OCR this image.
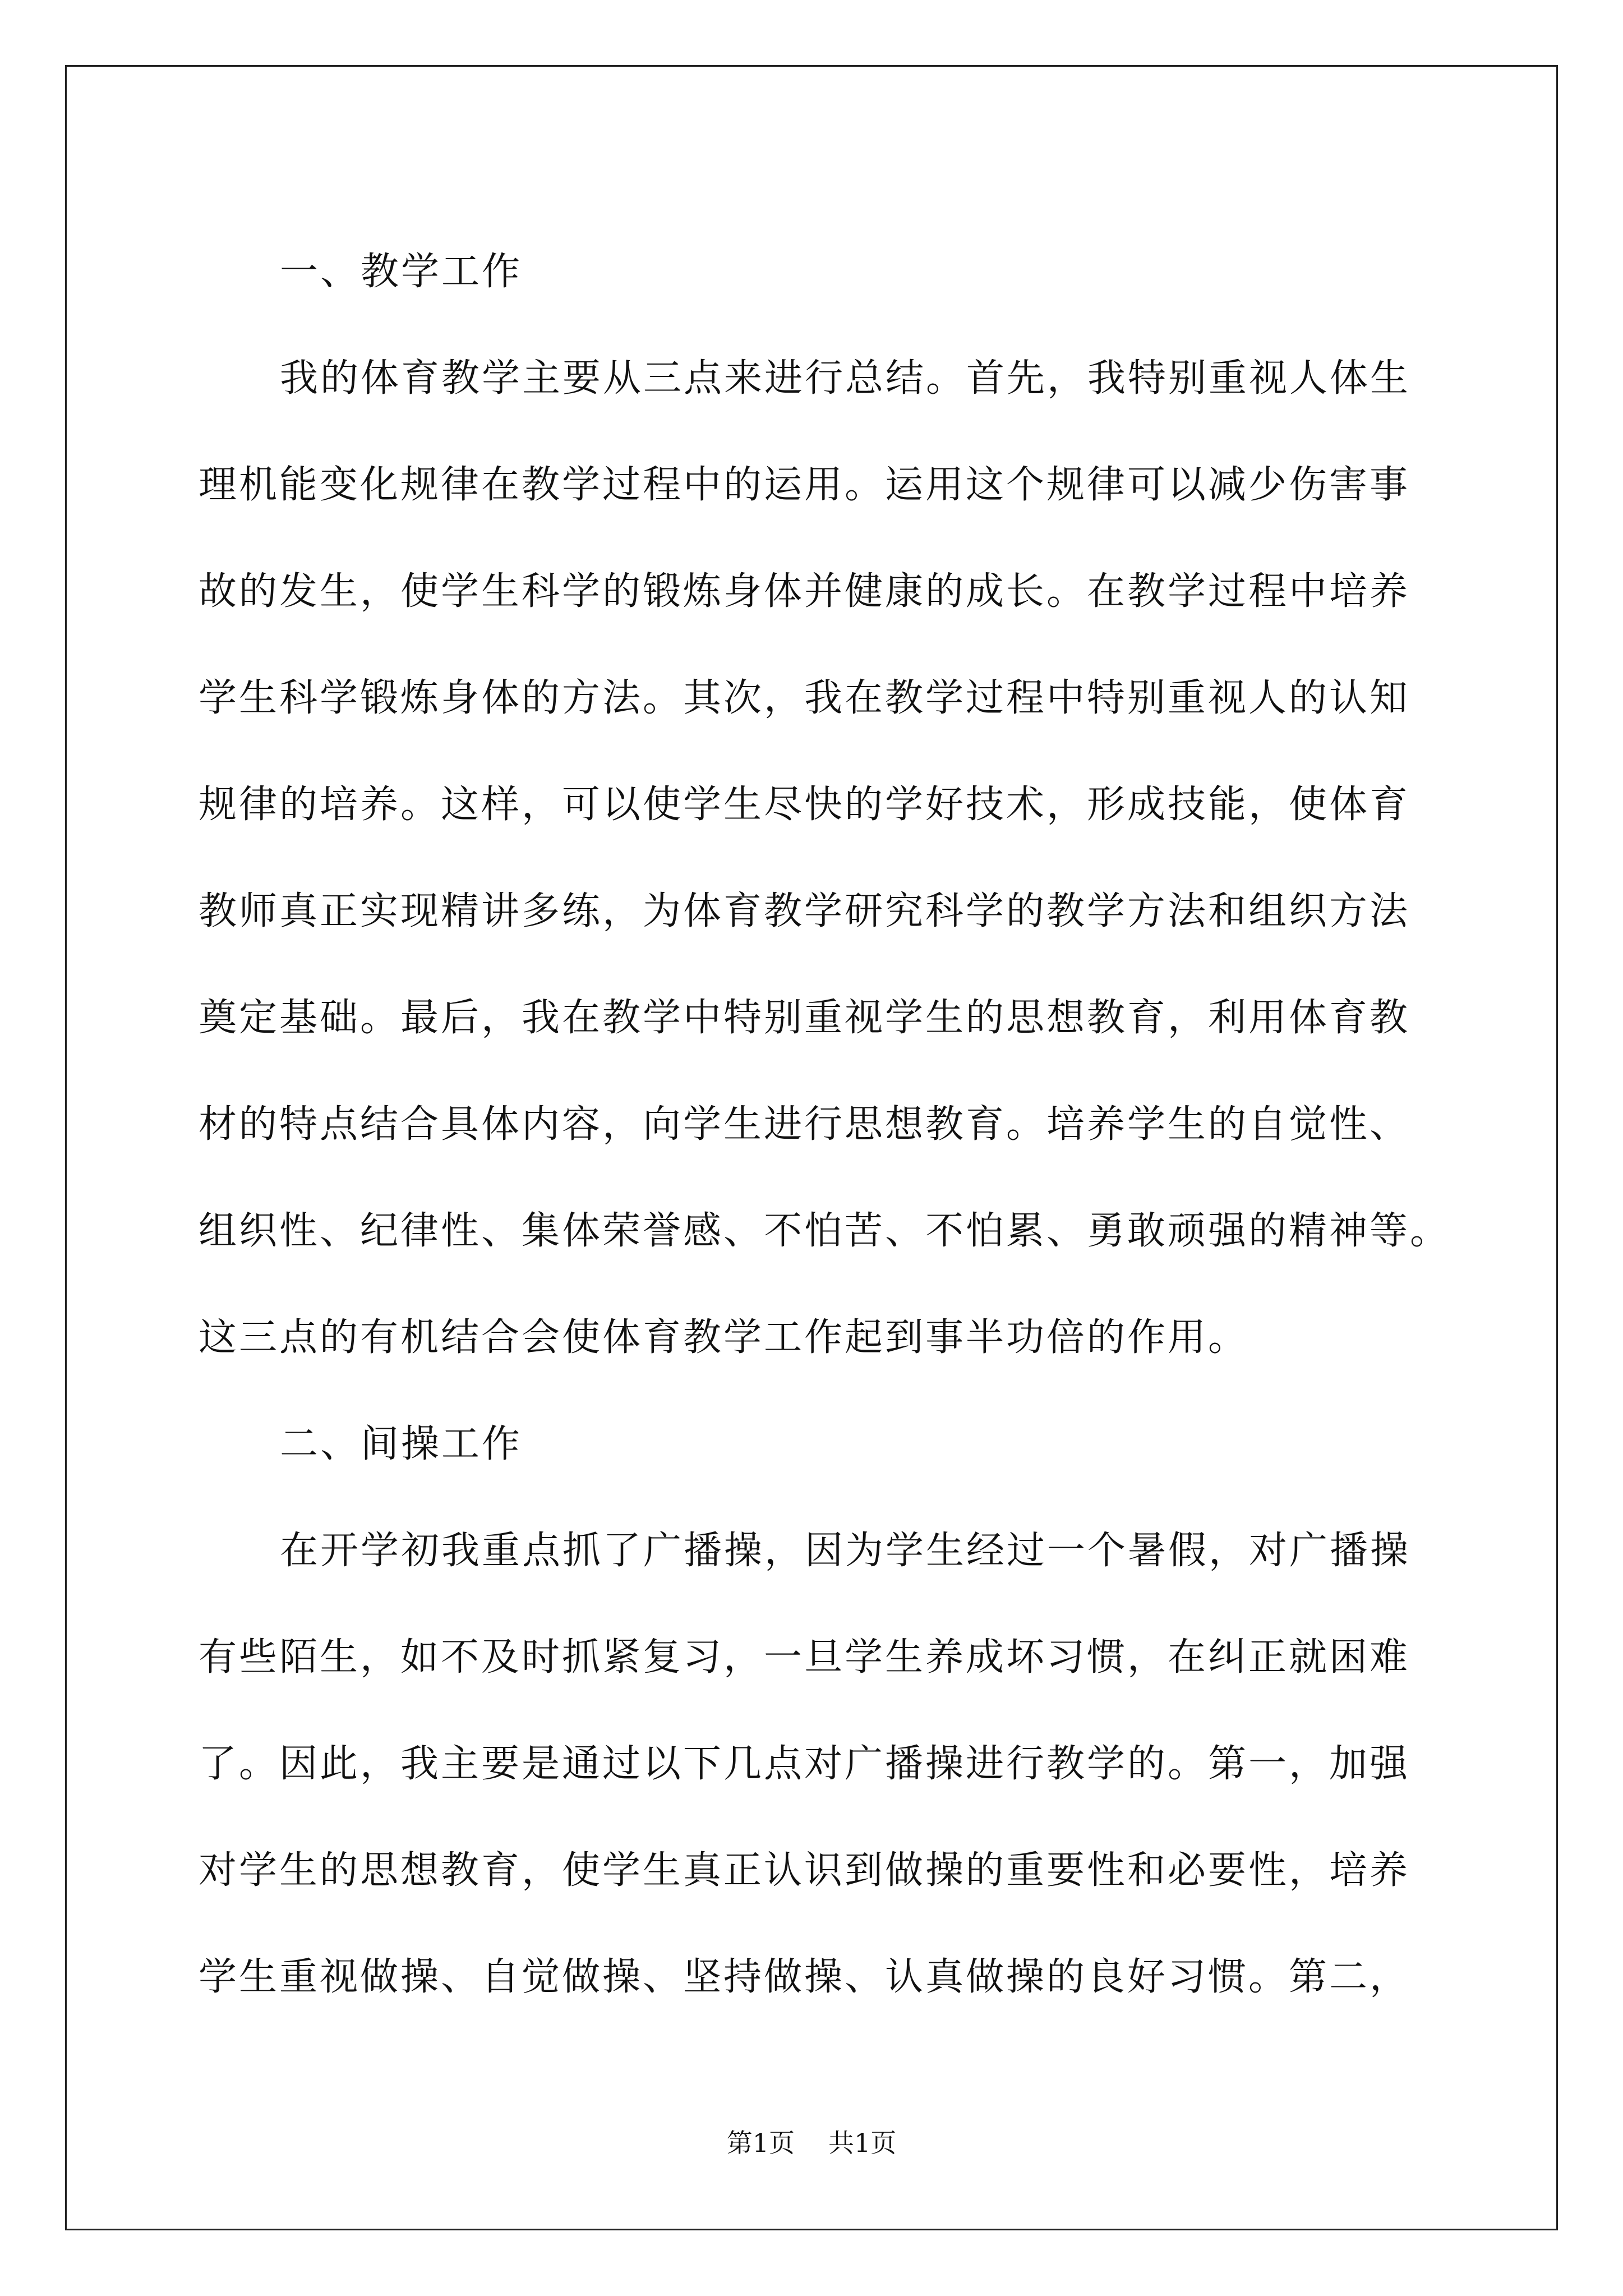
一、教学工作
我的体育教学主要从三点来进行总结。首先，我特别重视人体生
理机能变化规律在教学过程中的运用。运用这个规律可以减少伤害事
故的发生，使学生科学的锻炼身体并健康的成长。在教学过程中培养
学生科学锻炼身体的方法。其次，我在教学过程中特别重视人的认知
规律的培养。这样，可以使学生尽快的学好技术，形成技能，使体育
教师真正实现精讲多练，为体育教学研究科学的教学方法和组织方法
奠定基础。最后，我在教学中特别重视学生的思想教育，利用体育教
材的特点结合具体内容，向学生进行思想教育。培养学生的自觉性、
组织性、纪律性、集体荣誉感、不怕苦、不怕累、勇敢顽强的精神等。
这三点的有机结合会使体育教学工作起到事半功倍的作用。
二、间操工作
在开学初我重点抓了广播操，因为学生经过一个暑假，对广播操
有些陌生，如不及时抓紧复习，一旦学生养成坏习惯，在纠正就困难
了。因此，我主要是通过以下几点对广播操进行教学的。第一，加强
对学生的思想教育，使学生真正认识到做操的重要性和必要性，培养
学生重视做操、自觉做操、坚持做操、认真做操的良好习惯。第二，
第1页 共1页
